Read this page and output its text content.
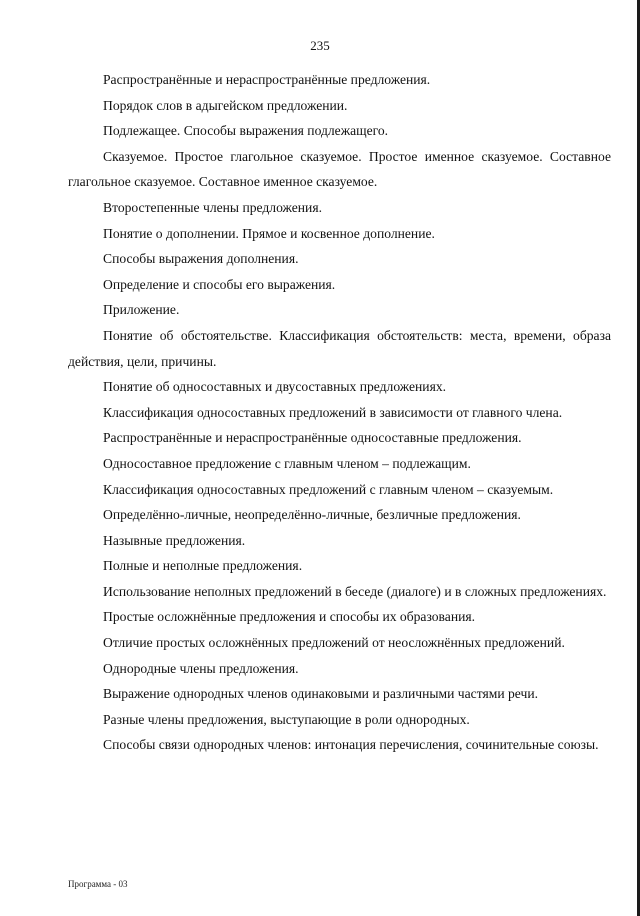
235

Распространённые и нераспространённые предложения.

Порядок слов в адыгейском предложении.

Подлежащее. Способы выражения подлежащего.

Сказуемое. Простое глагольное сказуемое. Простое именное сказуемое. Составное глагольное сказуемое. Составное именное сказуемое.

Второстепенные члены предложения.

Понятие о дополнении. Прямое и косвенное дополнение.

Способы выражения дополнения.

Определение и способы его выражения.

Приложение.

Понятие об обстоятельстве. Классификация обстоятельств: места, времени, образа действия, цели, причины.

Понятие об односоставных и двусоставных предложениях.

Классификация односоставных предложений в зависимости от главного члена.

Распространённые и нераспространённые односоставные предложения.

Односоставное предложение с главным членом – подлежащим.

Классификация односоставных предложений с главным членом – сказуемым.

Определённо-личные, неопределённо-личные, безличные предложения.

Назывные предложения.

Полные и неполные предложения.

Использование неполных предложений в беседе (диалоге) и в сложных предложениях.

Простые осложнённые предложения и способы их образования.

Отличие простых осложнённых предложений от неосложнённых предложений.

Однородные члены предложения.

Выражение однородных членов одинаковыми и различными частями речи.

Разные члены предложения, выступающие в роли однородных.

Способы связи однородных членов: интонация перечисления, сочинительные союзы.

Программа - 03
